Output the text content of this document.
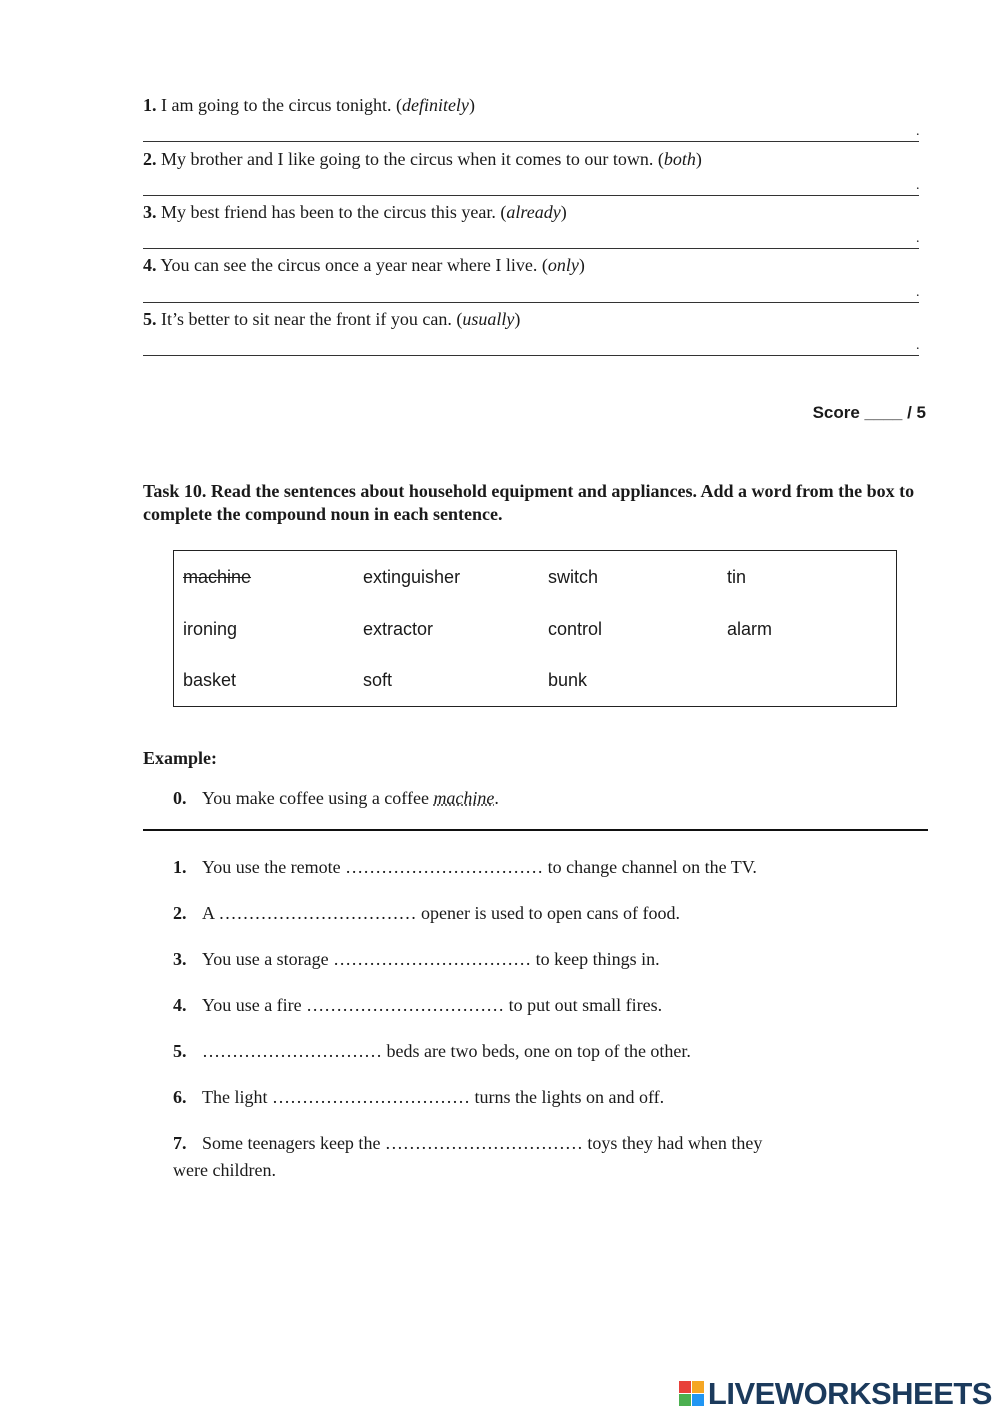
1. I am going to the circus tonight. (definitely)
.
2. My brother and I like going to the circus when it comes to our town. (both)
.
3. My best friend has been to the circus this year. (already)
.
4. You can see the circus once a year near where I live. (only)
.
5. It’s better to sit near the front if you can. (usually)
.
Score ____ / 5
Task 10. Read the sentences about household equipment and appliances. Add a word from the box to complete the compound noun in each sentence.
machine	extinguisher	switch	tin
ironing	extractor	control	alarm
basket	soft	bunk
Example:
0. You make coffee using a coffee machine.
1. You use the remote …………………………… to change channel on the TV.
2. A …………………………… opener is used to open cans of food.
3. You use a storage …………………………… to keep things in.
4. You use a fire …………………………… to put out small fires.
5. ………………………… beds are two beds, one on top of the other.
6. The light …………………………… turns the lights on and off.
7. Some teenagers keep the …………………………… toys they had when they
were children.
LIVEWORKSHEETS
